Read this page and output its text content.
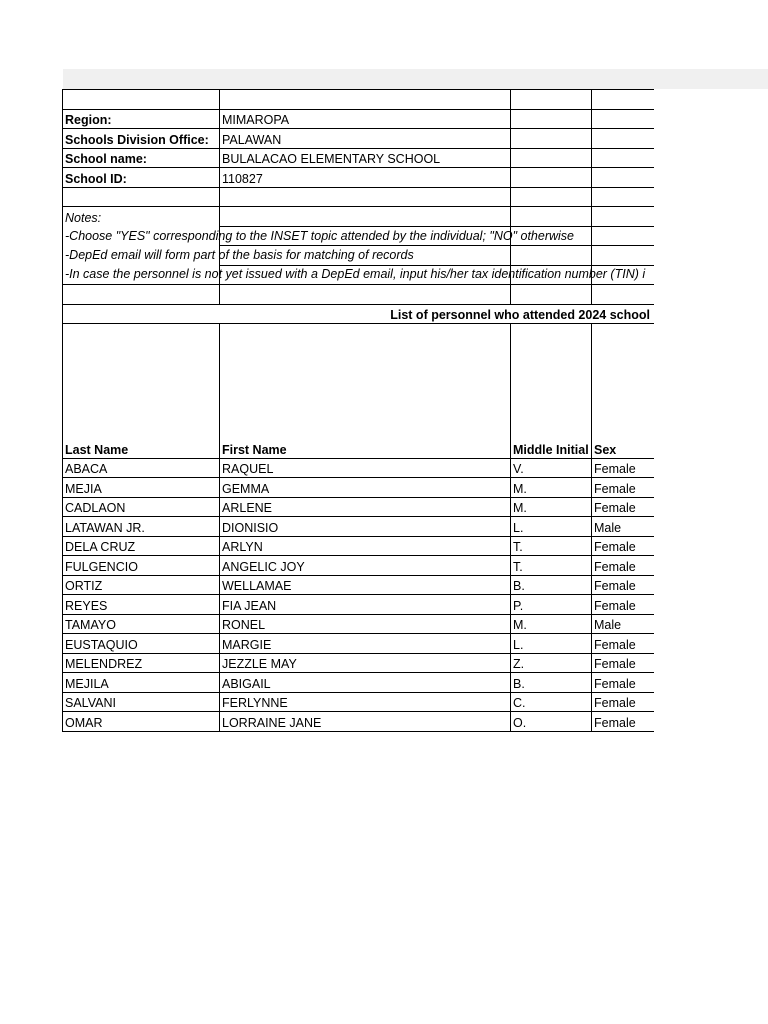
Region:	MIMAROPA		
Schools Division Office:	PALAWAN		
School name:	BULALACAO ELEMENTARY SCHOOL		
School ID:	110827		

Notes:			

-Choose "YES" corresponding to the INSET topic attended by the individual; "NO" otherwise			

-DepEd email will form part of the basis for matching of records			

-In case the personnel is not yet issued with a DepEd email, input his/her tax identification number (TIN) i			

List of personnel who attended 2024 school			
Last Name	First Name	Middle Initial	Sex
ABACA	RAQUEL	V.	Female
MEJIA	GEMMA	M.	Female
CADLAON	ARLENE	M.	Female
LATAWAN JR.	DIONISIO	L.	Male
DELA CRUZ	ARLYN	T.	Female
FULGENCIO	ANGELIC JOY	T.	Female
ORTIZ	WELLAMAE	B.	Female
REYES	FIA JEAN	P.	Female
TAMAYO	RONEL	M.	Male
EUSTAQUIO	MARGIE	L.	Female
MELENDREZ	JEZZLE MAY	Z.	Female
MEJILA	ABIGAIL	B.	Female
SALVANI	FERLYNNE	C.	Female
OMAR	LORRAINE JANE	O.	Female
